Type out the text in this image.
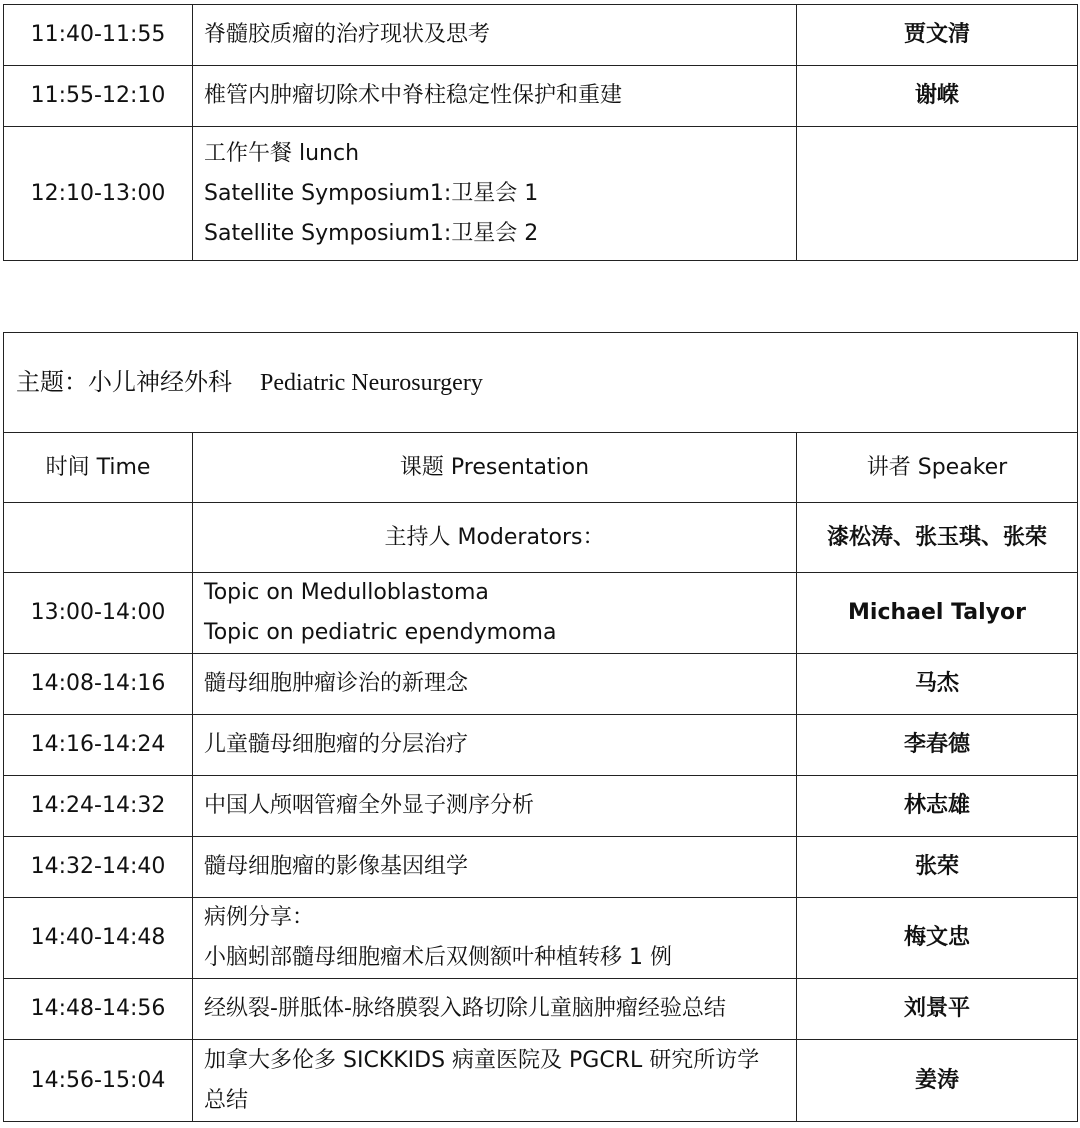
11:40-11:55	脊髓胶质瘤的治疗现状及思考	贾文清
11:55-12:10	椎管内肿瘤切除术中脊柱稳定性保护和重建	谢嵘
12:10-13:00	工作午餐 lunch
Satellite Symposium1:卫星会 1
Satellite Symposium1:卫星会 2	

主题：小儿神经外科 Pediatric Neurosurgery		
时间 Time	课题 Presentation	讲者 Speaker
	主持人 Moderators：	漆松涛、张玉琪、张荣
13:00-14:00	Topic on Medulloblastoma
Topic on pediatric ependymoma	Michael Talyor
14:08-14:16	髓母细胞肿瘤诊治的新理念	马杰
14:16-14:24	儿童髓母细胞瘤的分层治疗	李春德
14:24-14:32	中国人颅咽管瘤全外显子测序分析	林志雄
14:32-14:40	髓母细胞瘤的影像基因组学	张荣
14:40-14:48	病例分享：
小脑蚓部髓母细胞瘤术后双侧额叶种植转移 1 例	梅文忠
14:48-14:56	经纵裂-胼胝体-脉络膜裂入路切除儿童脑肿瘤经验总结	刘景平
14:56-15:04	加拿大多伦多 SICKKIDS 病童医院及 PGCRL 研究所访学
总结	姜涛
